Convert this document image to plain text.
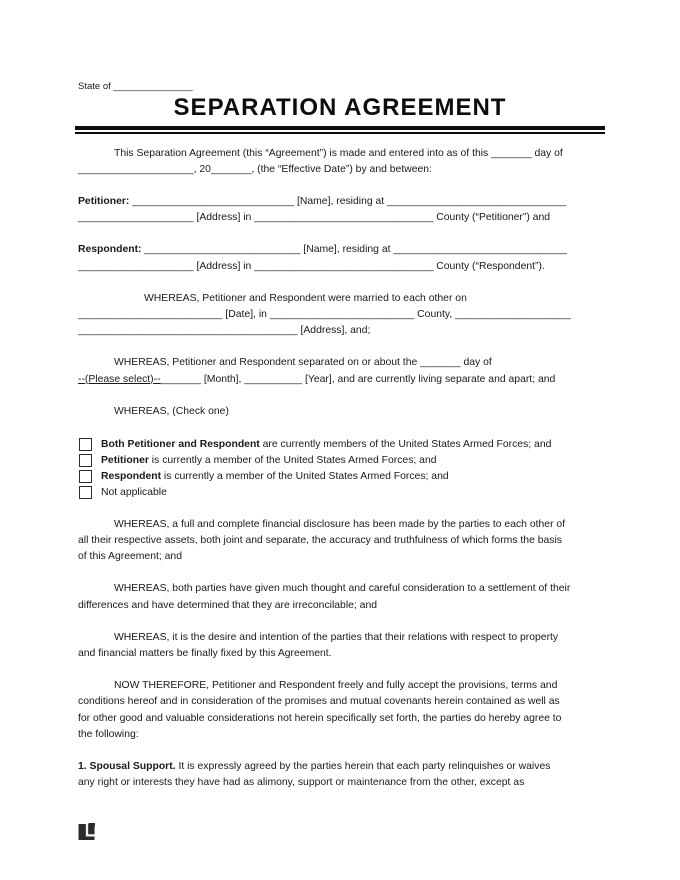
State of _______________
SEPARATION AGREEMENT
This Separation Agreement (this “Agreement”) is made and entered into as of this _______ day of
____________________, 20_______, (the “Effective Date”) by and between:
Petitioner: ____________________________ [Name], residing at _______________________________
____________________ [Address] in _______________________________ County (“Petitioner”) and
Respondent: ___________________________ [Name], residing at ______________________________
____________________ [Address] in _______________________________ County (“Respondent”).
WHEREAS, Petitioner and Respondent were married to each other on
_________________________ [Date], in _________________________ County, ____________________
______________________________________ [Address], and;
WHEREAS, Petitioner and Respondent separated on or about the _______ day of
--(Please select)--_______ [Month], __________ [Year], and are currently living separate and apart; and
WHEREAS, (Check one)
Both Petitioner and Respondent are currently members of the United States Armed Forces; and
Petitioner is currently a member of the United States Armed Forces; and
Respondent is currently a member of the United States Armed Forces; and
Not applicable
WHEREAS, a full and complete financial disclosure has been made by the parties to each other of
all their respective assets, both joint and separate, the accuracy and truthfulness of which forms the basis
of this Agreement; and
WHEREAS, both parties have given much thought and careful consideration to a settlement of their
differences and have determined that they are irreconcilable; and
WHEREAS, it is the desire and intention of the parties that their relations with respect to property
and financial matters be finally fixed by this Agreement.
NOW THEREFORE, Petitioner and Respondent freely and fully accept the provisions, terms and
conditions hereof and in consideration of the promises and mutual covenants herein contained as well as
for other good and valuable considerations not herein specifically set forth, the parties do hereby agree to
the following:
1. Spousal Support. It is expressly agreed by the parties herein that each party relinquishes or waives
any right or interests they have had as alimony, support or maintenance from the other, except as
